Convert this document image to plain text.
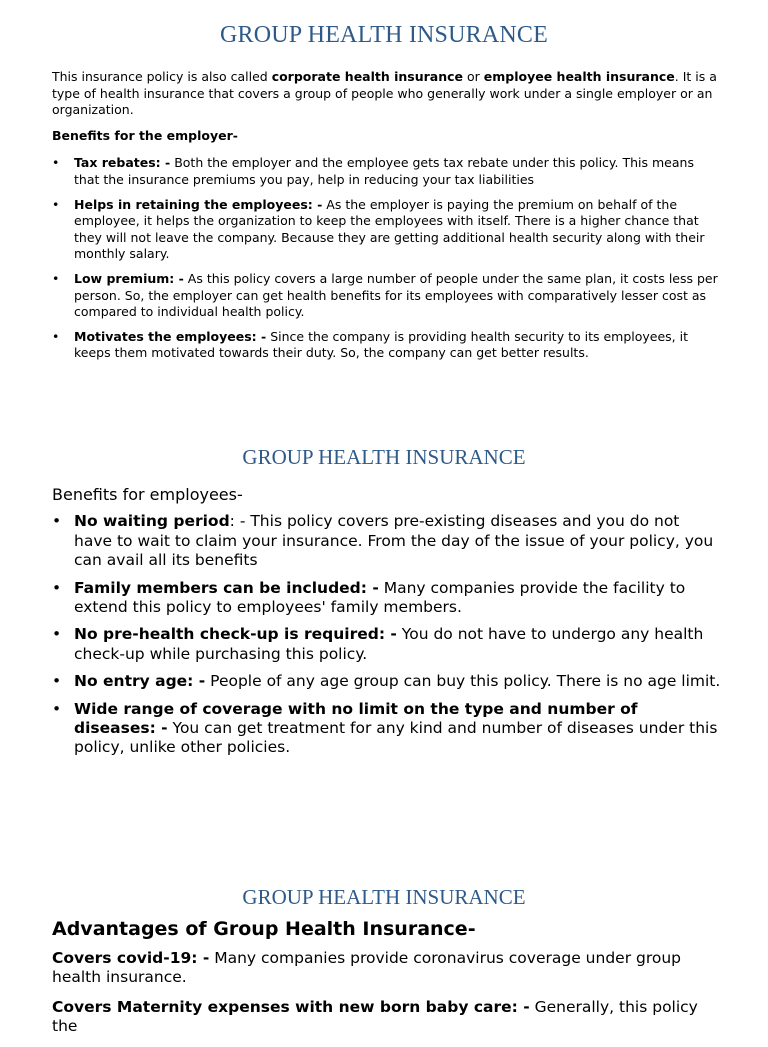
GROUP HEALTH INSURANCE

This insurance policy is also called corporate health insurance or employee health insurance. It is a type of health insurance that covers a group of people who generally work under a single employer or an organization.

Benefits for the employer-

• Tax rebates: - Both the employer and the employee gets tax rebate under this policy. This means that the insurance premiums you pay, help in reducing your tax liabilities
• Helps in retaining the employees: - As the employer is paying the premium on behalf of the employee, it helps the organization to keep the employees with itself. There is a higher chance that they will not leave the company. Because they are getting additional health security along with their monthly salary.
• Low premium: - As this policy covers a large number of people under the same plan, it costs less per person. So, the employer can get health benefits for its employees with comparatively lesser cost as compared to individual health policy.
• Motivates the employees: - Since the company is providing health security to its employees, it keeps them motivated towards their duty. So, the company can get better results.
GROUP HEALTH INSURANCE

Benefits for employees-

• No waiting period: - This policy covers pre-existing diseases and you do not have to wait to claim your insurance. From the day of the issue of your policy, you can avail all its benefits
• Family members can be included: - Many companies provide the facility to extend this policy to employees' family members.
• No pre-health check-up is required: - You do not have to undergo any health check-up while purchasing this policy.
• No entry age: - People of any age group can buy this policy. There is no age limit.
• Wide range of coverage with no limit on the type and number of diseases: - You can get treatment for any kind and number of diseases under this policy, unlike other policies.
GROUP HEALTH INSURANCE

Advantages of Group Health Insurance-

Covers covid-19: - Many companies provide coronavirus coverage under group health insurance.

Covers Maternity expenses with new born baby care: - Generally, this policy the
